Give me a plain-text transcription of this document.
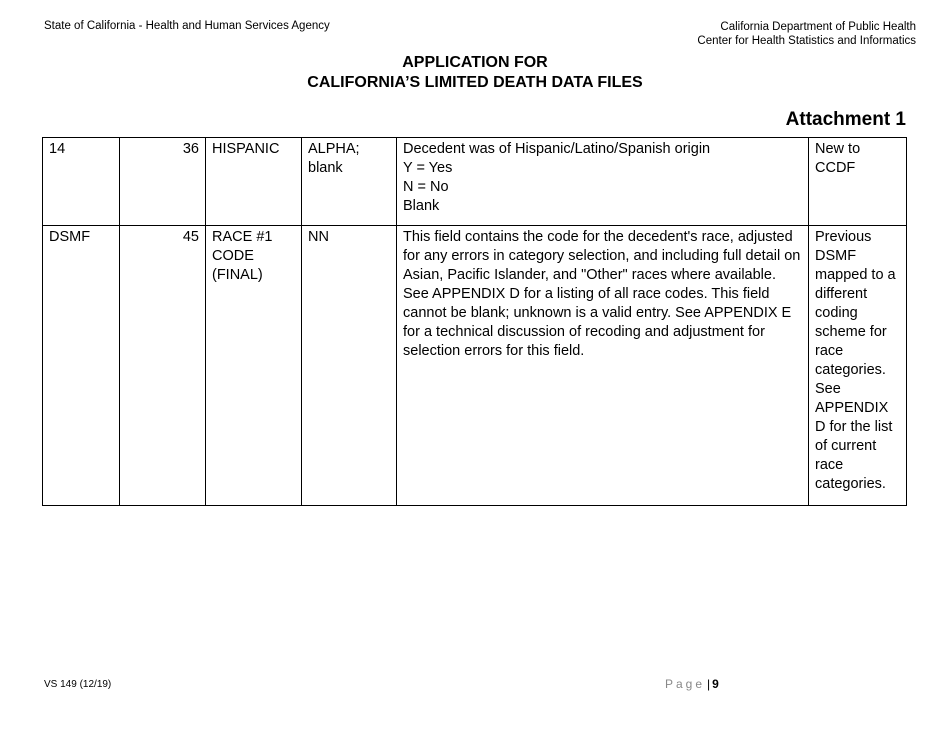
State of California - Health and Human Services Agency	California Department of Public Health
Center for Health Statistics and Informatics
APPLICATION FOR
CALIFORNIA’S LIMITED DEATH DATA FILES
Attachment 1
14	36	HISPANIC	ALPHA; blank	Decedent was of Hispanic/Latino/Spanish origin
Y = Yes
N = No
Blank	New to CCDF
DSMF	45	RACE #1 CODE (FINAL)	NN	This field contains the code for the decedent's race, adjusted for any errors in category selection, and including full detail on Asian, Pacific Islander, and "Other" races where available. See APPENDIX D for a listing of all race codes. This field cannot be blank; unknown is a valid entry. See APPENDIX E for a technical discussion of recoding and adjustment for selection errors for this field.	Previous DSMF mapped to a different coding scheme for race categories. See APPENDIX D for the list of current race categories.
VS 149 (12/19)	Page | 9
